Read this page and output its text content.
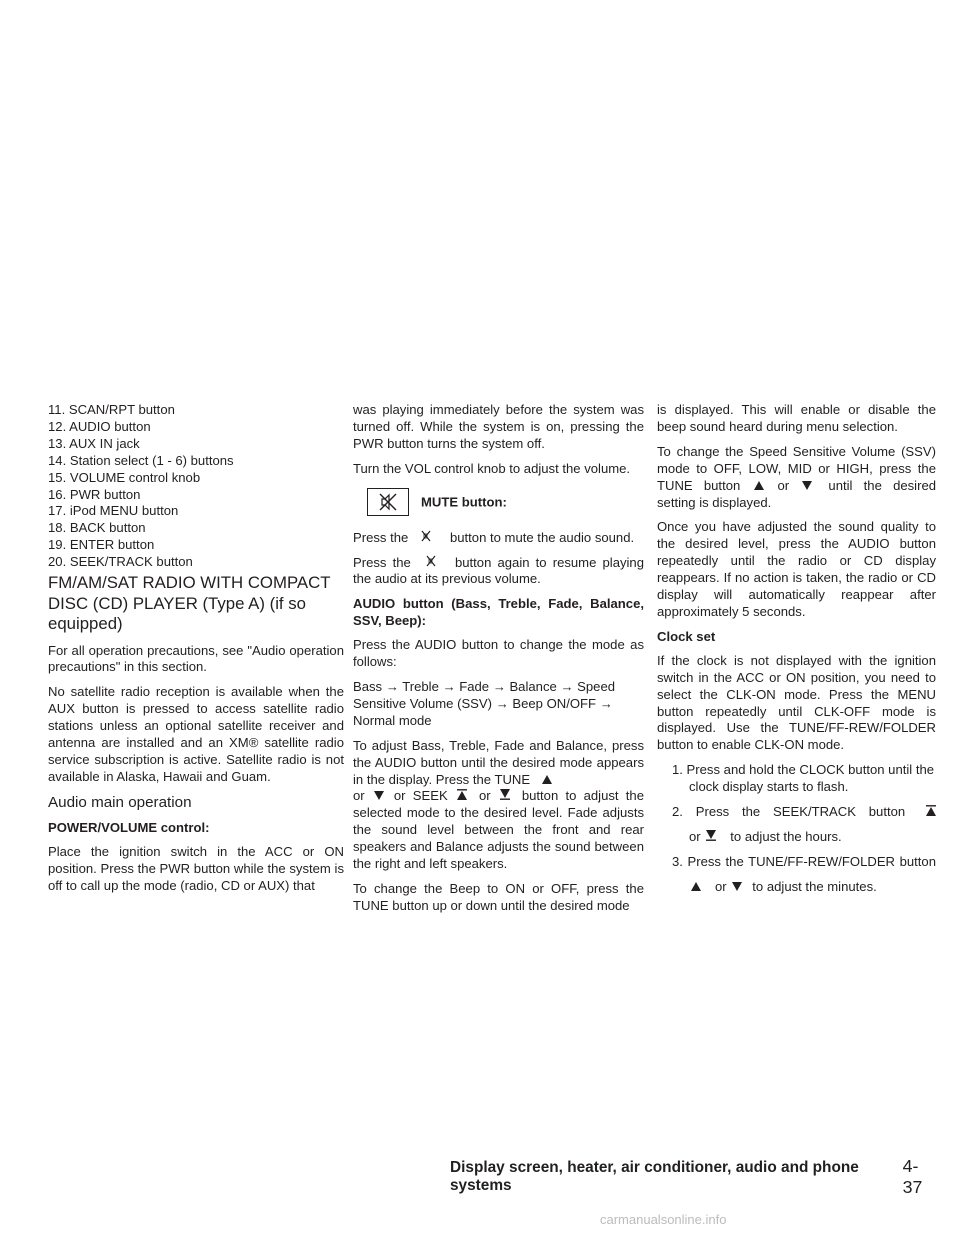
11. SCAN/RPT button
12. AUDIO button
13. AUX IN jack
14. Station select (1 - 6) buttons
15. VOLUME control knob
16. PWR button
17. iPod MENU button
18. BACK button
19. ENTER button
20. SEEK/TRACK button
FM/AM/SAT RADIO WITH COMPACT DISC (CD) PLAYER (Type A) (if so equipped)

For all operation precautions, see "Audio operation precautions" in this section.

No satellite radio reception is available when the AUX button is pressed to access satellite radio stations unless an optional satellite receiver and antenna are installed and an XM® satellite radio service subscription is active. Satellite radio is not available in Alaska, Hawaii and Guam.

Audio main operation

POWER/VOLUME control:

Place the ignition switch in the ACC or ON position. Press the PWR button while the system is off to call up the mode (radio, CD or AUX) that

was playing immediately before the system was turned off. While the system is on, pressing the PWR button turns the system off.

Turn the VOL control knob to adjust the volume.

MUTE button:

Press the	button to mute the audio sound.

Press the	button again to resume playing the audio at its previous volume.

AUDIO button (Bass, Treble, Fade, Balance, SSV, Beep):

Press the AUDIO button to change the mode as follows:

Bass → Treble → Fade → Balance → Speed Sensitive Volume (SSV) → Beep ON/OFF → Normal mode

To adjust Bass, Treble, Fade and Balance, press the AUDIO button until the desired mode appears in the display. Press the TUNE
or or SEEK or button to adjust the selected mode to the desired level. Fade adjusts the sound level between the front and rear speakers and Balance adjusts the sound between the right and left speakers.

To change the Beep to ON or OFF, press the TUNE button up or down until the desired mode

is displayed. This will enable or disable the beep sound heard during menu selection.

To change the Speed Sensitive Volume (SSV) mode to OFF, LOW, MID or HIGH, press the TUNE button	or	until the desired setting is displayed.

Once you have adjusted the sound quality to the desired level, press the AUDIO button repeatedly until the radio or CD display reappears. If no action is taken, the radio or CD display will automatically reappear after approximately 5 seconds.

Clock set

If the clock is not displayed with the ignition switch in the ACC or ON position, you need to select the CLK-ON mode. Press the MENU button repeatedly until CLK-OFF mode is displayed. Use the TUNE/FF-REW/FOLDER button to enable CLK-ON mode.

1. Press and hold the CLOCK button until the clock display starts to flash.

2. Press the SEEK/TRACK button

or to adjust the hours.

3. Press the TUNE/FF-REW/FOLDER button

or to adjust the minutes.

Display screen, heater, air conditioner, audio and phone systems
4-37
carmanualsonline.info
